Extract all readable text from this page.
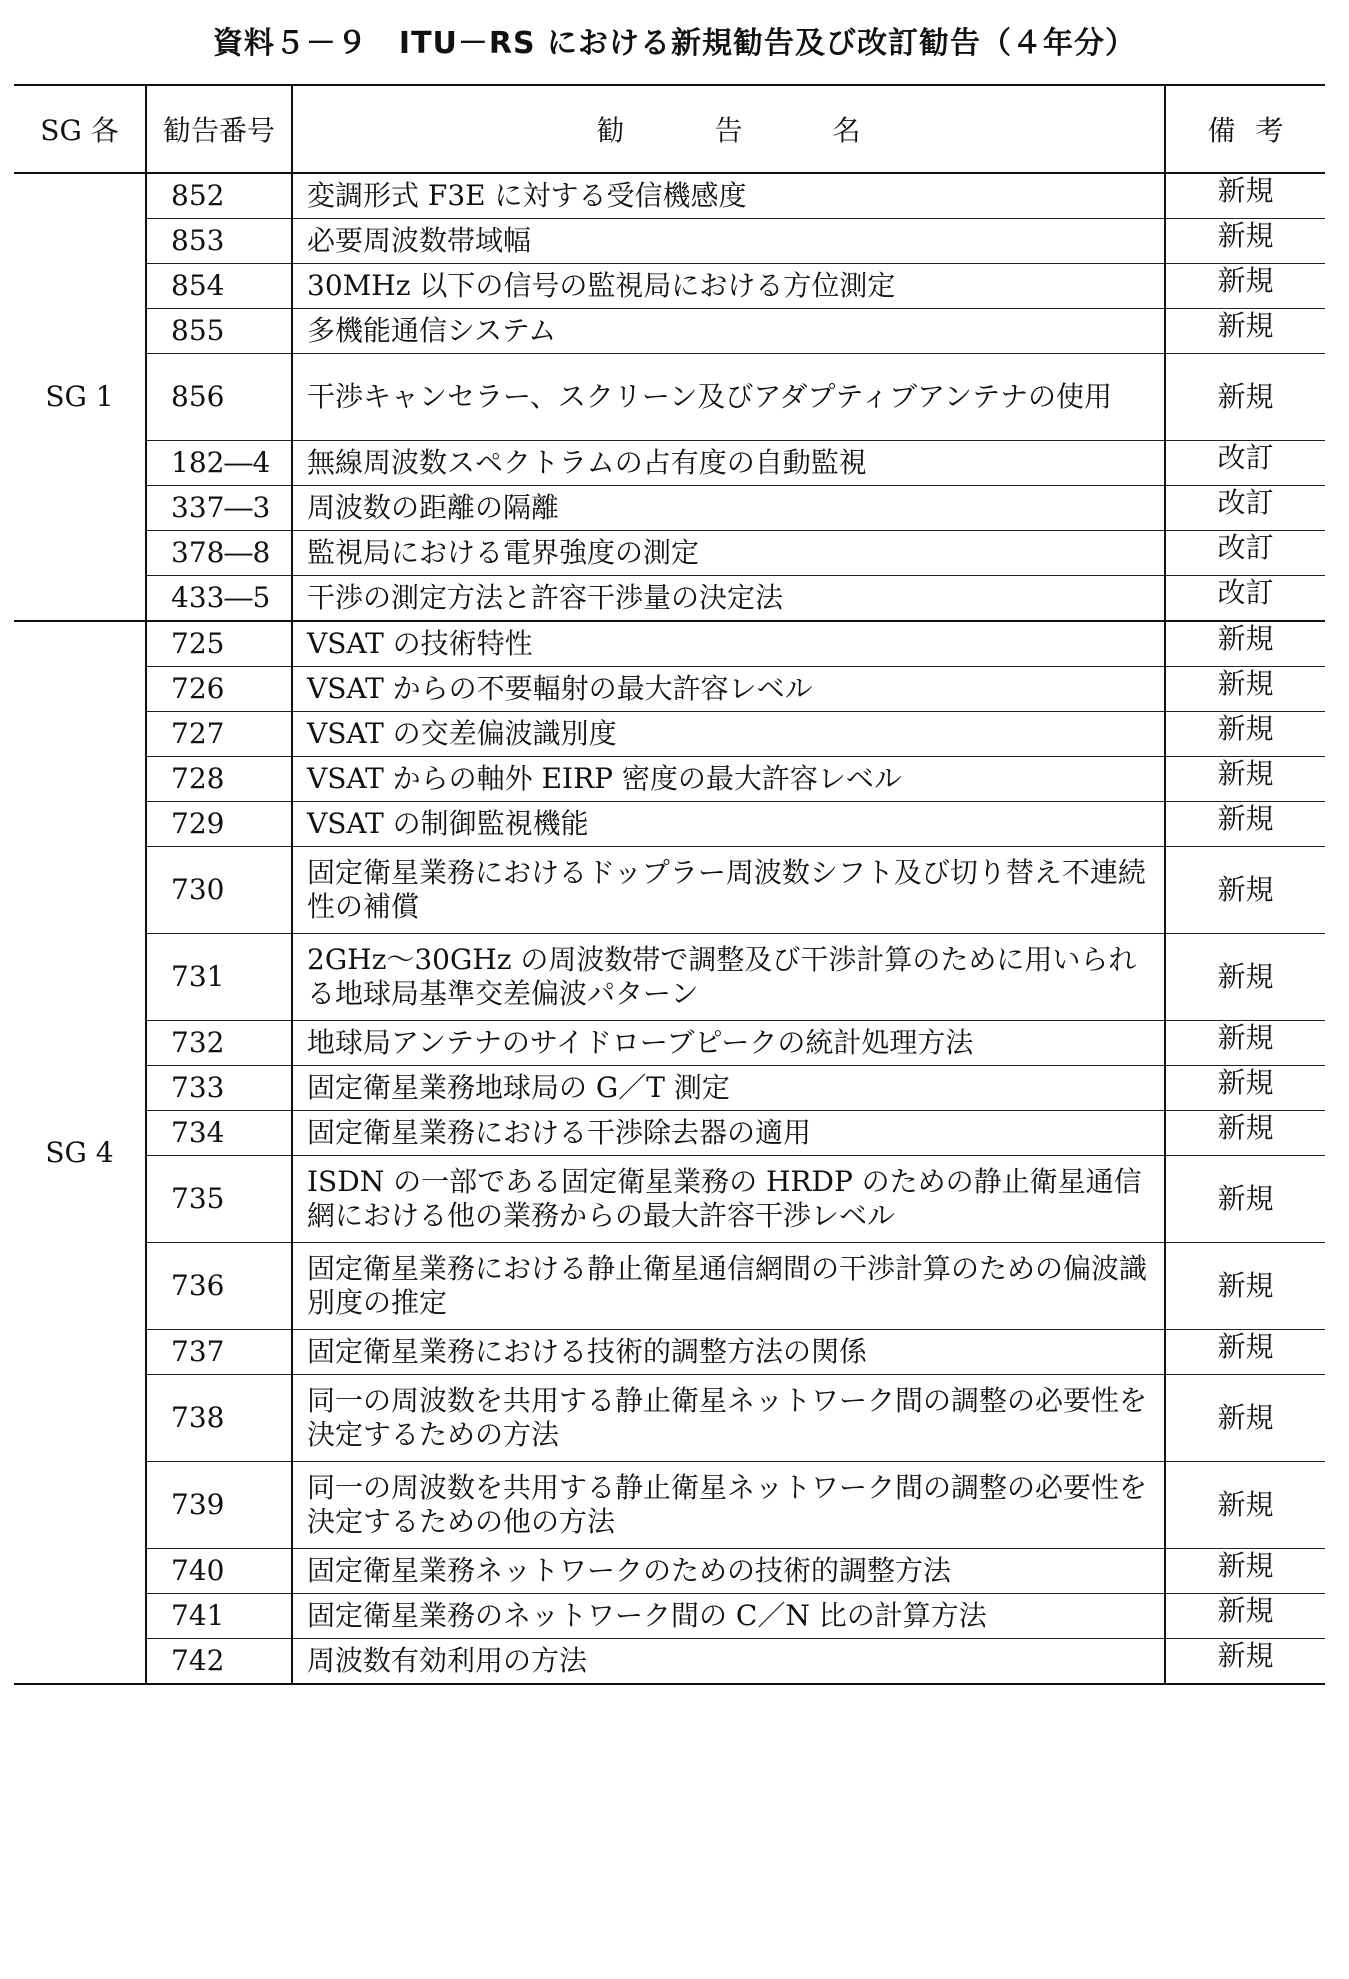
資料５－９　ITU－RS における新規勧告及び改訂勧告（４年分）
SG 各	勧告番号	勧告名	備考
SG 1	852	変調形式 F3E に対する受信機感度	新規
	853	必要周波数帯域幅	新規
	854	30MHz 以下の信号の監視局における方位測定	新規
	855	多機能通信システム	新規
	856	干渉キャンセラー、スクリーン及びアダプティブアンテナの使用	新規
	182―4	無線周波数スペクトラムの占有度の自動監視	改訂
	337―3	周波数の距離の隔離	改訂
	378―8	監視局における電界強度の測定	改訂
	433―5	干渉の測定方法と許容干渉量の決定法	改訂
SG 4	725	VSAT の技術特性	新規
	726	VSAT からの不要輻射の最大許容レベル	新規
	727	VSAT の交差偏波識別度	新規
	728	VSAT からの軸外 EIRP 密度の最大許容レベル	新規
	729	VSAT の制御監視機能	新規
	730	固定衛星業務におけるドップラー周波数シフト及び切り替え不連続性の補償	新規
	731	2GHz～30GHz の周波数帯で調整及び干渉計算のために用いられる地球局基準交差偏波パターン	新規
	732	地球局アンテナのサイドローブピークの統計処理方法	新規
	733	固定衛星業務地球局の G／T 測定	新規
	734	固定衛星業務における干渉除去器の適用	新規
	735	ISDN の一部である固定衛星業務の HRDP のための静止衛星通信網における他の業務からの最大許容干渉レベル	新規
	736	固定衛星業務における静止衛星通信網間の干渉計算のための偏波識別度の推定	新規
	737	固定衛星業務における技術的調整方法の関係	新規
	738	同一の周波数を共用する静止衛星ネットワーク間の調整の必要性を決定するための方法	新規
	739	同一の周波数を共用する静止衛星ネットワーク間の調整の必要性を決定するための他の方法	新規
	740	固定衛星業務ネットワークのための技術的調整方法	新規
	741	固定衛星業務のネットワーク間の C／N 比の計算方法	新規
	742	周波数有効利用の方法	新規
